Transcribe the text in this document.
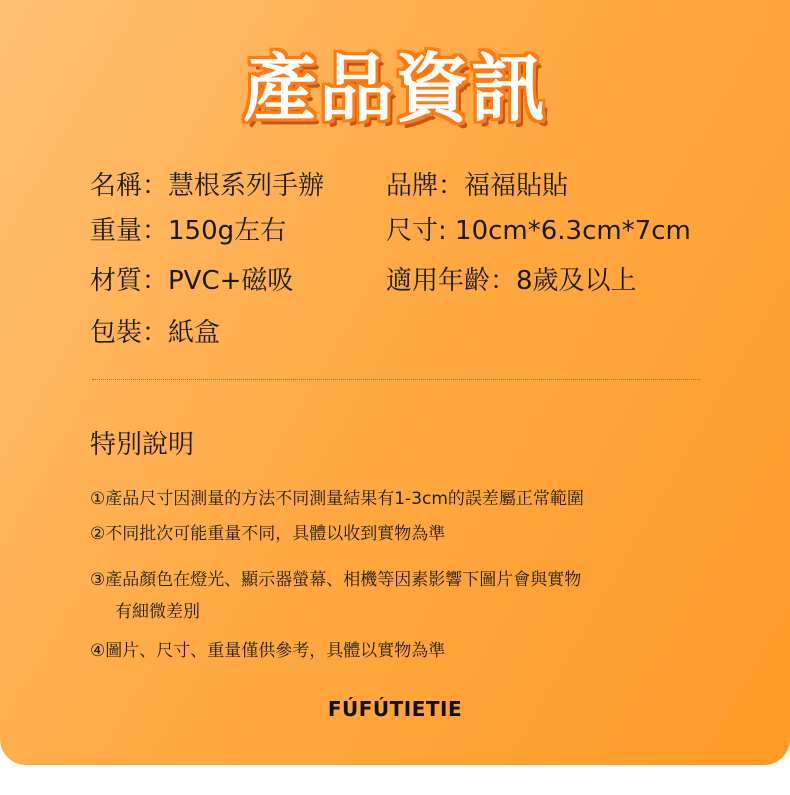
產品資訊
名稱：慧根系列手辦 品牌：福福貼貼
重量：150g左右	尺寸: 10cm*6.3cm*7cm
材質：PVC+磁吸	適用年齡：8歲及以上
包裝：紙盒
特別說明
①產品尺寸因測量的方法不同測量結果有1-3cm的誤差屬正常範圍
②不同批次可能重量不同，具體以收到實物為準
③產品顏色在燈光、顯示器螢幕、相機等因素影響下圖片會與實物
有細微差別
④圖片、尺寸、重量僅供參考，具體以實物為準
FÚFÚTIETIE
